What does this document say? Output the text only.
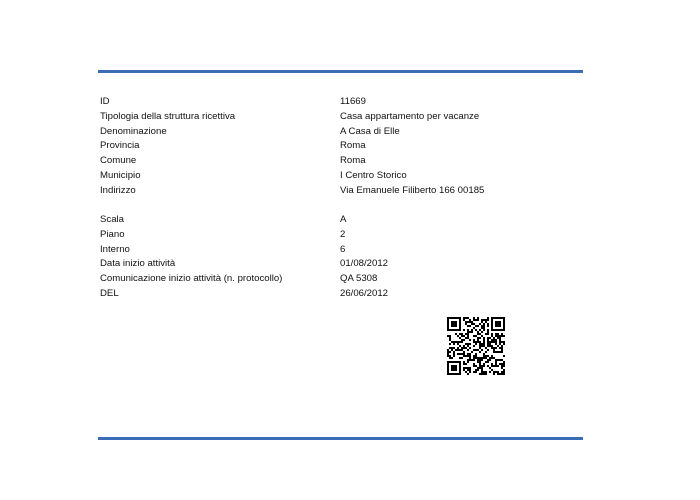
ID	11669
Tipologia della struttura ricettiva	Casa appartamento per vacanze
Denominazione	A Casa di Elle
Provincia	Roma
Comune	Roma
Municipio	I Centro Storico
Indirizzo	Via Emanuele Filiberto 166 00185
Scala	A
Piano	2
Interno	6
Data inizio attività	01/08/2012
Comunicazione inizio attività (n. protocollo)	QA 5308
DEL	26/06/2012
